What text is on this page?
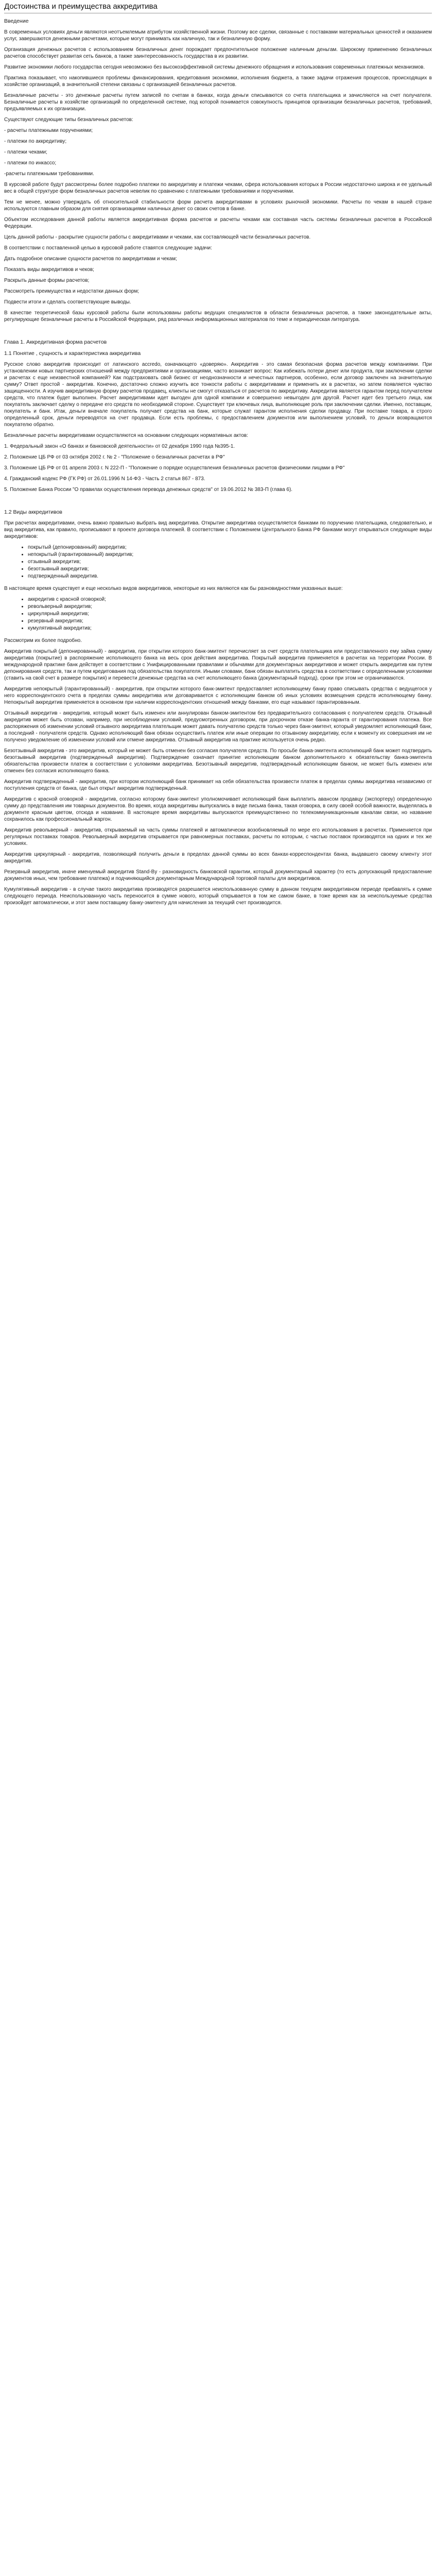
Достоинства и преимущества аккредитива
Введение

В современных условиях деньги являются неотъемлемым атрибутом хозяйственной жизни. Поэтому все сделки, связанные с поставками материальных ценностей и оказанием услуг, завершаются денежными расчетами, которые могут принимать как наличную, так и безналичную форму.

Организация денежных расчетов с использованием безналичных денег порождает предпочтительное положение наличным деньгам. Широкому применению безналичных расчетов способствует развитая сеть банков, а также заинтересованность государства в их развитии.

Развитие экономики любого государства сегодня невозможно без высокоэффективной системы денежного обращения и использования современных платежных механизмов.

Практика показывает, что накопившиеся проблемы финансирования, кредитования экономики, исполнения бюджета, а также задачи отражения процессов, происходящих в хозяйстве организаций, в значительной степени связаны с организацией безналичных расчетов.

Безналичные расчеты - это денежные расчеты путем записей по счетам в банках, когда деньги списываются со счета плательщика и зачисляются на счет получателя. Безналичные расчеты в хозяйстве организаций по определенной системе, под которой понимается совокупность принципов организации безналичных расчетов, требований, предъявляемых к их организации.

Существуют следующие типы безналичных расчетов:

- расчеты платежными поручениями;

- платежи по аккредитиву;

- платежи чеками;

- платежи по инкассо;

-расчеты платежными требованиями.

В курсовой работе будут рассмотрены более подробно платежи по аккредитиву и платежи чеками, сфера использования которых в России недостаточно широка и ее удельный вес в общей структуре форм безналичных расчетов невелик по сравнению с платежными требованиями и поручениями.

Тем не менее, можно утверждать об относительной стабильности форм расчета аккредитивами в условиях рыночной экономики. Расчеты по чекам в нашей стране используются главным образом для снятия организациями наличных денег со своих счетов в банке.

Объектом исследования данной работы является аккредитивная форма расчетов и расчеты чеками как составная часть системы безналичных расчетов в Российской Федерации.

Цель данной работы - раскрытие сущности работы с аккредитивами и чеками, как составляющей части безналичных расчетов.

В соответствии с поставленной целью в курсовой работе ставятся следующие задачи:

Дать подробное описание сущности расчетов по аккредитивам и чекам;

Показать виды аккредитивов и чеков;

Раскрыть данные формы расчетов;

Рассмотреть преимущества и недостатки данных форм;

Подвести итоги и сделать соответствующие выводы.

В качестве теоретической базы курсовой работы были использованы работы ведущих специалистов в области безналичных расчетов, а также законодательные акты, регулирующие безналичные расчеты в Российской Федерации, ряд различных информационных материалов по теме и периодическая литература.

Глава 1. Аккредитивная форма расчетов
1.1 Понятие , сущность и характеристика аккредитива

Русское слово аккредитив происходит от латинского accredo, означающего «доверяю». Аккредитив - это самая безопасная форма расчетов между компаниями. При установлении новых партнерских отношений между предприятиями и организациями, часто возникает вопрос: Как избежать потери денег или продукта, при заключении сделки и расчетах с еще неизвестной компанией? Как подстраховать свой бизнес от неоднозначности и нечестных партнеров, особенно, если договор заключен на значительную сумму? Ответ простой - аккредитив. Конечно, достаточно сложно изучить все тонкости работы с аккредитивами и применить их в расчетах, но затем появляется чувство защищенности. А изучив аккредитивную форму расчетов продавец, клиенты не смогут отказаться от расчетов по аккредитиву. Аккредитив является гарантом перед получателем средств, что платеж будет выполнен. Расчет аккредитивами идет выгоден для одной компании и совершенно невыгоден для другой. Расчет идет без третьего лица, как покупатель заключает сделку о передаче его средств по необходимой стороне. Существует три ключевых лица, выполняющие роль при заключении сделки. Именно, поставщик, покупатель и банк. Итак, деньги вначале покупатель получает средства на банк, которые служат гарантом исполнения сделки продавцу. При поставке товара, в строго определенный срок, деньги переводятся на счет продавца. Если есть проблемы, с предоставлением документов или выполнением условий, то деньги возвращаются покупателю обратно.

Безналичные расчеты аккредитивами осуществляются на основании следующих нормативных актов:

1. Федеральный закон «О банках и банковской деятельности» от 02 декабря 1990 года №395-1.

2. Положение ЦБ РФ от 03 октября 2002 г. № 2 - "Положение о безналичных расчетах в РФ"

3. Положение ЦБ РФ от 01 апреля 2003 г. N 222-П - "Положение о порядке осуществления безналичных расчетов физическими лицами в РФ"

4. Гражданский кодекс РФ (ГК РФ) от 26.01.1996 N 14-ФЗ - Часть 2 статья 867 - 873.

5. Положение Банка России "О правилах осуществления перевода денежных средств" от 19.06.2012 № 383-П (глава 6).

1.2 Виды аккредитивов

При расчетах аккредитивами, очень важно правильно выбрать вид аккредитива. Открытие аккредитива осуществляется банками по поручению плательщика, следовательно, и вид аккредитива, как правило, прописывают в проекте договора платежей. В соответствии с Положением Центрального Банка РФ банками могут открываться следующие виды аккредитивов:

• покрытый (депонированный) аккредитив;
• непокрытый (гарантированный) аккредитив;
• отзывный аккредитив;
• безотзывный аккредитив;
• подтвержденный аккредитив.

В настоящее время существует и еще несколько видов аккредитивов, некоторые из них являются как бы разновидностями указанных выше:

• аккредитив с красной оговоркой;
• револьверный аккредитив;
• циркулярный аккредитив;
• резервный аккредитив;
• кумулятивный аккредитив;

Рассмотрим их более подробно.

Аккредитив покрытый (депонированный) - аккредитив, при открытии которого банк-эмитент перечисляет за счет средств плательщика или предоставленного ему займа сумму аккредитива (покрытие) в распоряжение исполняющего банка на весь срок действия аккредитива. Покрытый аккредитив применяется в расчетах на территории России. В международной практике банк действует в соответствии с Унифицированными правилами и обычаями для документарных аккредитивов и может открыть аккредитив как путем депонирования средств, так и путем кредитования под обязательства покупателя. Иными словами, банк обязан выплатить средства в соответствии с определенными условиями (ставить на свой счет в размере покрытия) и перевести денежные средства на счет исполняющего банка (документарный подход), сроки при этом не ограничиваются.

Аккредитив непокрытый (гарантированный) - аккредитив, при открытии которого банк-эмитент предоставляет исполняющему банку право списывать средства с ведущегося у него корреспондентского счета в пределах суммы аккредитива или договаривается с исполняющим банком об иных условиях возмещения средств исполняющему банку. Непокрытый аккредитив применяется в основном при наличии корреспондентских отношений между банками, его еще называют гарантированным.

Отзывный аккредитив - аккредитив, который может быть изменен или аннулирован банком-эмитентом без предварительного согласования с получателем средств. Отзывный аккредитив может быть отозван, например, при несоблюдении условий, предусмотренных договором, при досрочном отказе банка-гаранта от гарантирования платежа. Все распоряжения об изменении условий отзывного аккредитива плательщик может давать получателю средств только через банк-эмитент, который уведомляет исполняющий банк, а последний - получателя средств. Однако исполняющий банк обязан осуществить платеж или иные операции по отзывному аккредитиву, если к моменту их совершения им не получено уведомление об изменении условий или отмене аккредитива. Отзывный аккредитив на практике используется очень редко.

Безотзывный аккредитив - это аккредитив, который не может быть отменен без согласия получателя средств. По просьбе банка-эмитента исполняющий банк может подтвердить безотзывный аккредитив (подтвержденный аккредитив). Подтверждение означает принятие исполняющим банком дополнительного к обязательству банка-эмитента обязательства произвести платеж в соответствии с условиями аккредитива. Безотзывный аккредитив, подтвержденный исполняющим банком, не может быть изменен или отменен без согласия исполняющего банка.

Аккредитив подтвержденный - аккредитив, при котором исполняющий банк принимает на себя обязательства произвести платеж в пределах суммы аккредитива независимо от поступления средств от банка, где был открыт аккредитив подтвержденный.

Аккредитив с красной оговоркой - аккредитив, согласно которому банк-эмитент уполномочивает исполняющий банк выплатить авансом продавцу (экспортеру) определенную сумму до представления им товарных документов. Во время, когда аккредитивы выпускались в виде письма банка, такая оговорка, в силу своей особой важности, выделялась в документе красным цветом, отсюда и название. В настоящее время аккредитивы выпускаются преимущественно по телекоммуникационным каналам связи, но название сохранилось как профессиональный жаргон.

Аккредитив револьверный - аккредитив, открываемый на часть суммы платежей и автоматически возобновляемый по мере его использования в расчетах. Применяется при регулярных поставках товаров. Револьверный аккредитив открывается при равномерных поставках, расчеты по которым, с частью поставок производятся на одних и тех же условиях.

Аккредитив циркулярный - аккредитив, позволяющий получить деньги в пределах данной суммы во всех банках-корреспондентах банка, выдавшего своему клиенту этот аккредитив.

Резервный аккредитив, иначе именуемый аккредитив Stand-By - разновидность банковской гарантии, который документарный характер (то есть допускающий предоставление документов иных, чем требование платежа) и подчиняющийся документарным Международной торговой палаты для аккредитивов.

Кумулятивный аккредитив - в случае такого аккредитива производятся разрешается неиспользованную сумму в данном текущем аккредитивном периоде прибавлять к сумме следующего периода. Неиспользованную часть переносится в сумме нового, который открывается в том же самом банке, в тоже время как за неиспользуемые средства произойдет автоматически, и этот заем поставщику банку-эмитенту для начисления за текущий счет производится.
